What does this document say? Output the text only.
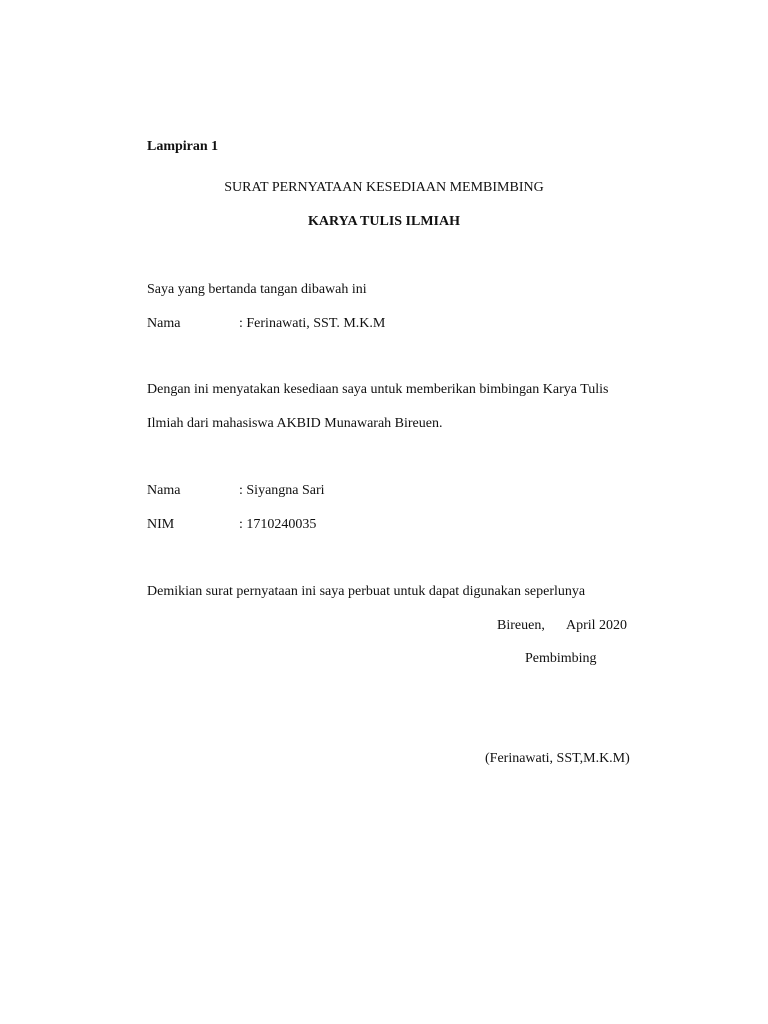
Lampiran 1
SURAT PERNYATAAN KESEDIAAN MEMBIMBING
KARYA TULIS ILMIAH
Saya yang bertanda tangan dibawah ini
Nama	: Ferinawati, SST. M.K.M
Dengan ini menyatakan kesediaan saya untuk memberikan bimbingan Karya Tulis
Ilmiah dari mahasiswa AKBID Munawarah Bireuen.
Nama	: Siyangna Sari
NIM	: 1710240035
Demikian surat pernyataan ini saya perbuat untuk dapat digunakan seperlunya
Bireuen, April 2020
Pembimbing
(Ferinawati, SST,M.K.M)
